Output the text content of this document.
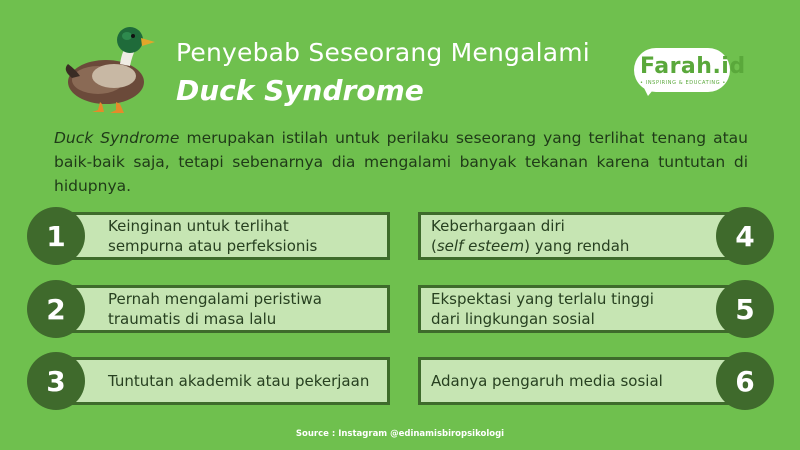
Penyebab Seseorang Mengalami
Duck Syndrome
Farah.id
• INSPIRING & EDUCATING •
Duck Syndrome merupakan istilah untuk perilaku seseorang yang terlihat tenang atau baik-baik saja, tetapi sebenarnya dia mengalami banyak tekanan karena tuntutan di hidupnya.
Keinginan untuk terlihat
sempurna atau perfeksionis
1
Pernah mengalami peristiwa
traumatis di masa lalu
2
Tuntutan akademik atau pekerjaan
3
Keberhargaan diri
(self esteem) yang rendah	4
Ekspektasi yang terlalu tinggi
dari lingkungan sosial	5
Adanya pengaruh media sosial	6
Source : Instagram @edinamisbiropsikologi
